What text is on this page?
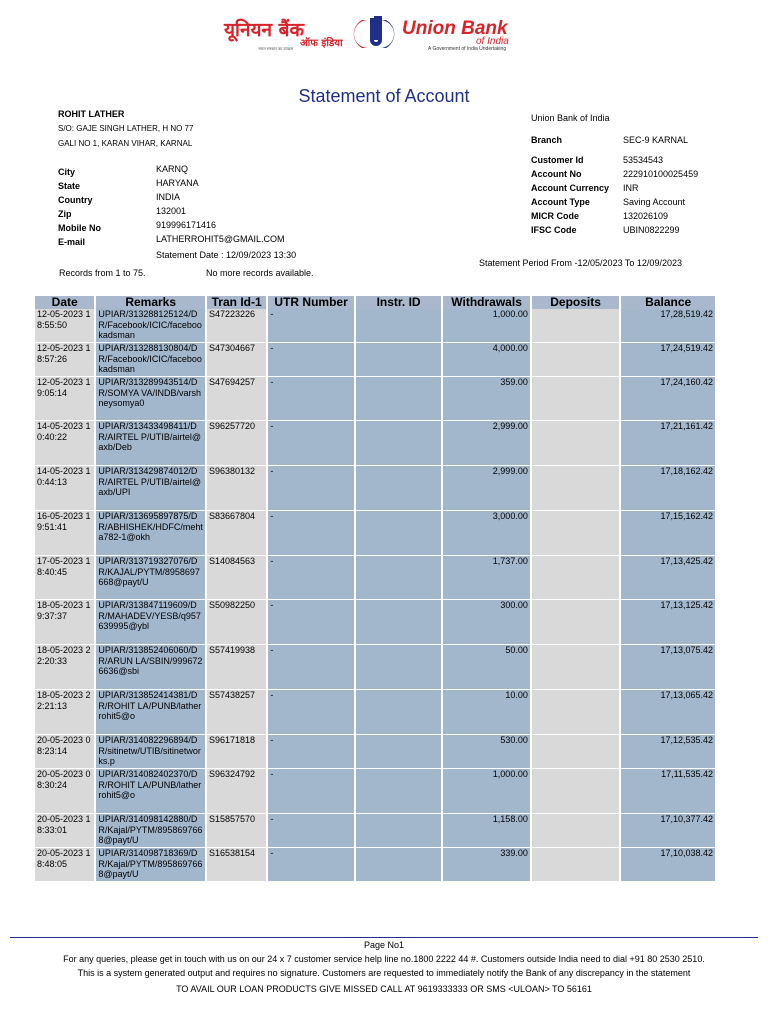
यूनियन बैंक
ऑफ इंडिया
भारत सरकार का उपक्रम
Union Bank
of India
A Government of India Undertaking
Statement of Account
ROHIT LATHER
S/O: GAJE SINGH LATHER, H NO 77
GALI NO 1, KARAN VIHAR, KARNAL
City	KARNQ
State	HARYANA
Country	INDIA
Zip	132001
Mobile No	919996171416
E-mail	LATHERROHIT5@GMAIL.COM
Statement Date : 12/09/2023 13:30
Union Bank of India
Branch	SEC-9 KARNAL
Customer Id	53534543
Account No	222910100025459
Account Currency INR
Account Type	Saving Account
MICR Code	132026109
IFSC Code	UBIN0822299
Records from 1 to 75.	No more records available.
Statement Period From -12/05/2023 To 12/09/2023
Date	Remarks	Tran Id-1	UTR Number	Instr. ID	Withdrawals	Deposits	Balance
12-05-2023 18:55:50	UPIAR/313288125124/DR/Facebook/ICIC/facebookadsman	S47223226	-		1,000.00		17,28,519.42
12-05-2023 18:57:26	UPIAR/313288130804/DR/Facebook/ICIC/facebookadsman	S47304667	-		4,000.00		17,24,519.42
12-05-2023 19:05:14	UPIAR/313289943514/DR/SOMYA VA/INDB/varshneysomya0	S47694257	-		359.00		17,24,160.42
14-05-2023 10:40:22	UPIAR/313433498411/DR/AIRTEL P/UTIB/airtel@axb/Deb	S96257720	-		2,999.00		17,21,161.42
14-05-2023 10:44:13	UPIAR/313429874012/DR/AIRTEL P/UTIB/airtel@axb/UPI	S96380132	-		2,999.00		17,18,162.42
16-05-2023 19:51:41	UPIAR/313695897875/DR/ABHISHEK/HDFC/mehta782-1@okh	S83667804	-		3,000.00		17,15,162.42
17-05-2023 18:40:45	UPIAR/313719327076/DR/KAJAL/PYTM/8958697668@payt/U	S14084563	-		1,737.00		17,13,425.42
18-05-2023 19:37:37	UPIAR/313847119609/DR/MAHADEV/YESB/q957639995@ybl	S50982250	-		300.00		17,13,125.42
18-05-2023 22:20:33	UPIAR/313852406060/DR/ARUN LA/SBIN/9996726636@sbi	S57419938	-		50.00		17,13,075.42
18-05-2023 22:21:13	UPIAR/313852414381/DR/ROHIT LA/PUNB/latherrohit5@o	S57438257	-		10.00		17,13,065.42
20-05-2023 08:23:14	UPIAR/314082296894/DR/sitinetw/UTIB/sitinetworks.p	S96171818	-		530.00		17,12,535.42
20-05-2023 08:30:24	UPIAR/314082402370/DR/ROHIT LA/PUNB/latherrohit5@o	S96324792	-		1,000.00		17,11,535.42
20-05-2023 18:33:01	UPIAR/314098142880/DR/Kajal/PYTM/8958697668@payt/U	S15857570	-		1,158.00		17,10,377.42
20-05-2023 18:48:05	UPIAR/314098718369/DR/Kajal/PYTM/8958697668@payt/U	S16538154	-		339.00		17,10,038.42
Page No1
For any queries, please get in touch with us on our 24 x 7 customer service help line no.1800 2222 44 #. Customers outside India need to dial +91 80 2530 2510.
This is a system generated output and requires no signature. Customers are requested to immediately notify the Bank of any discrepancy in the statement
TO AVAIL OUR LOAN PRODUCTS GIVE MISSED CALL AT 9619333333 OR SMS <ULOAN> TO 56161
